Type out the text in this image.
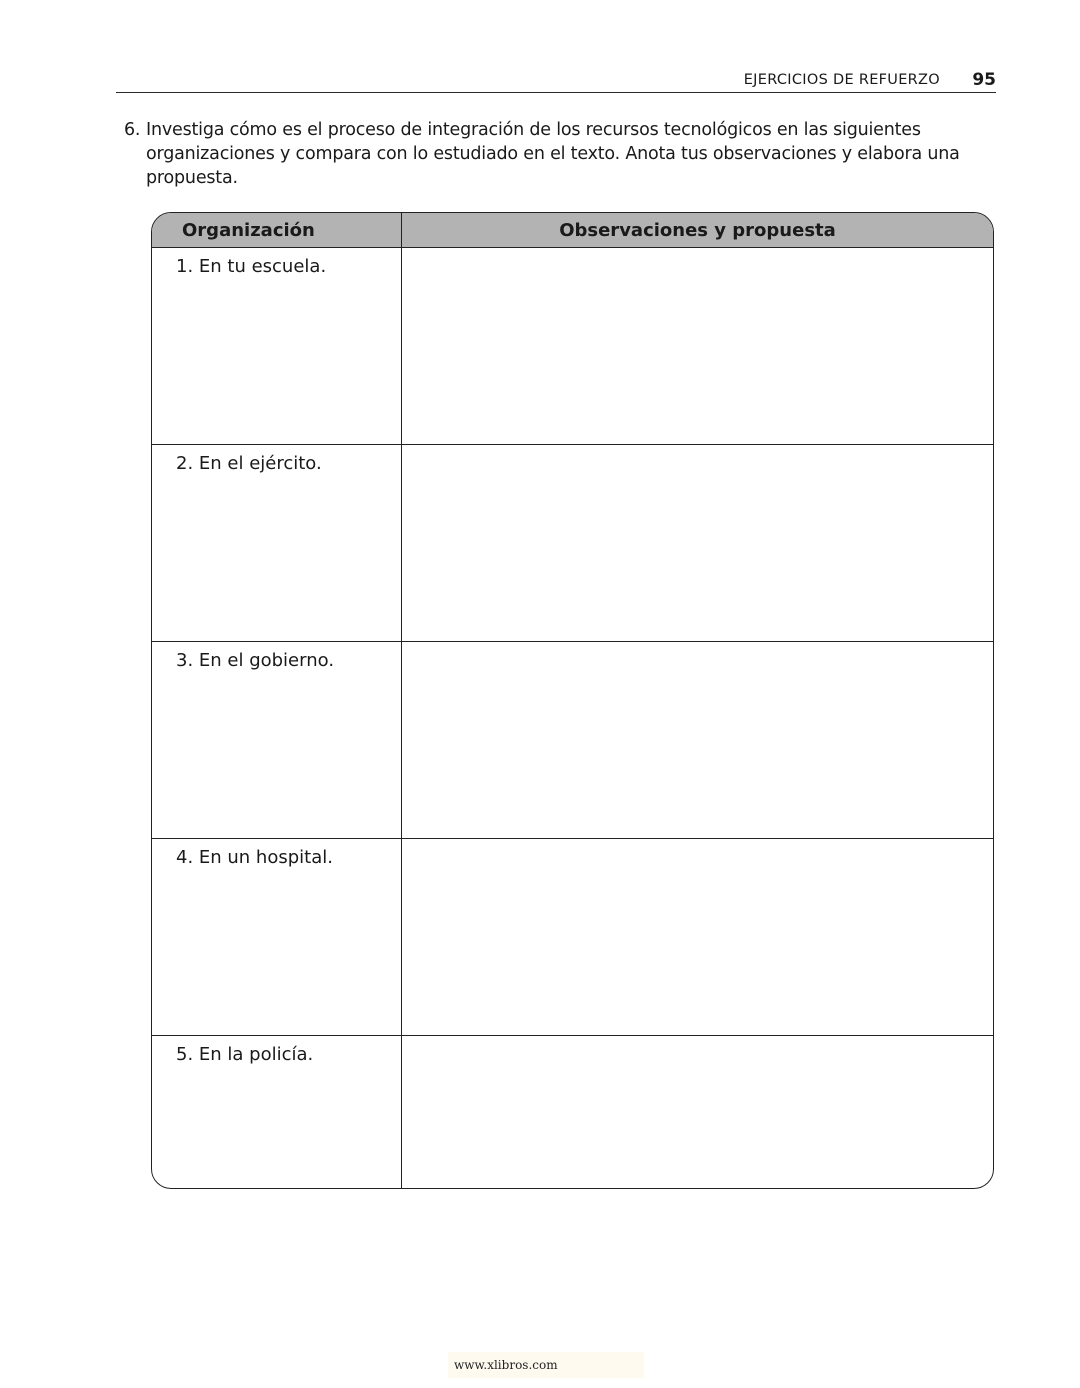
EJERCICIOS DE REFUERZO 95
6. Investiga cómo es el proceso de integración de los recursos tecnológicos en las siguientes organizaciones y compara con lo estudiado en el texto. Anota tus observaciones y elabora una propuesta.
Organización	Observaciones y propuesta
1. En tu escuela.	
2. En el ejército.	
3. En el gobierno.	
4. En un hospital.	
5. En la policía.	
www.xlibros.com
